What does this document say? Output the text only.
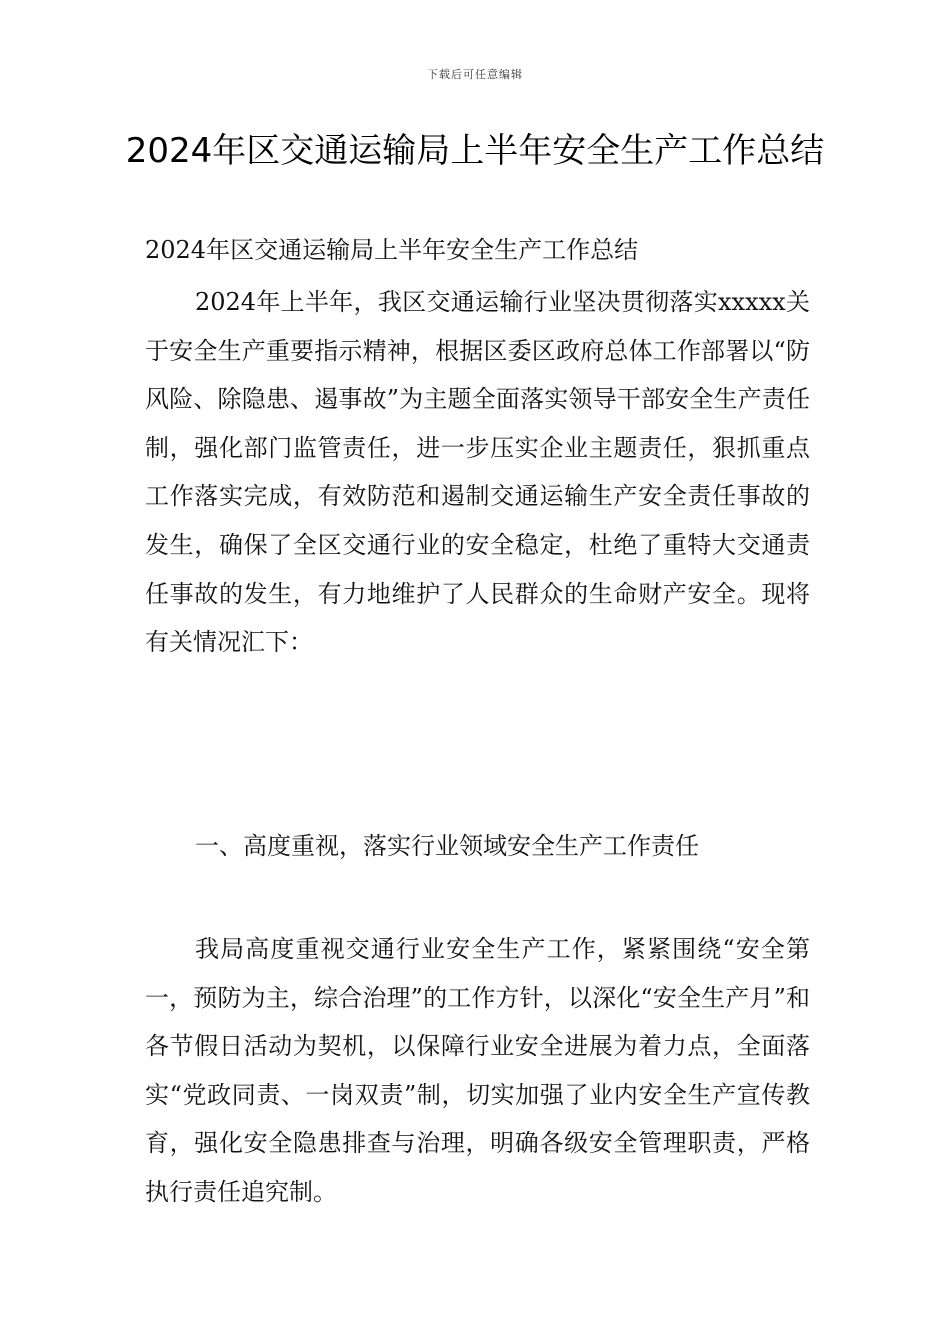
下载后可任意编辑
2024年区交通运输局上半年安全生产工作总结

2024年区交通运输局上半年安全生产工作总结

2024年上半年，我区交通运输行业坚决贯彻落实xxxxx关于安全生产重要指示精神，根据区委区政府总体工作部署以“防风险、除隐患、遏事故”为主题全面落实领导干部安全生产责任制，强化部门监管责任，进一步压实企业主题责任，狠抓重点工作落实完成，有效防范和遏制交通运输生产安全责任事故的发生，确保了全区交通行业的安全稳定，杜绝了重特大交通责任事故的发生，有力地维护了人民群众的生命财产安全。现将有关情况汇下：

一、高度重视，落实行业领域安全生产工作责任

我局高度重视交通行业安全生产工作，紧紧围绕“安全第一，预防为主，综合治理”的工作方针，以深化“安全生产月”和各节假日活动为契机，以保障行业安全进展为着力点，全面落实“党政同责、一岗双责”制，切实加强了业内安全生产宣传教育，强化安全隐患排查与治理，明确各级安全管理职责，严格执行责任追究制。
